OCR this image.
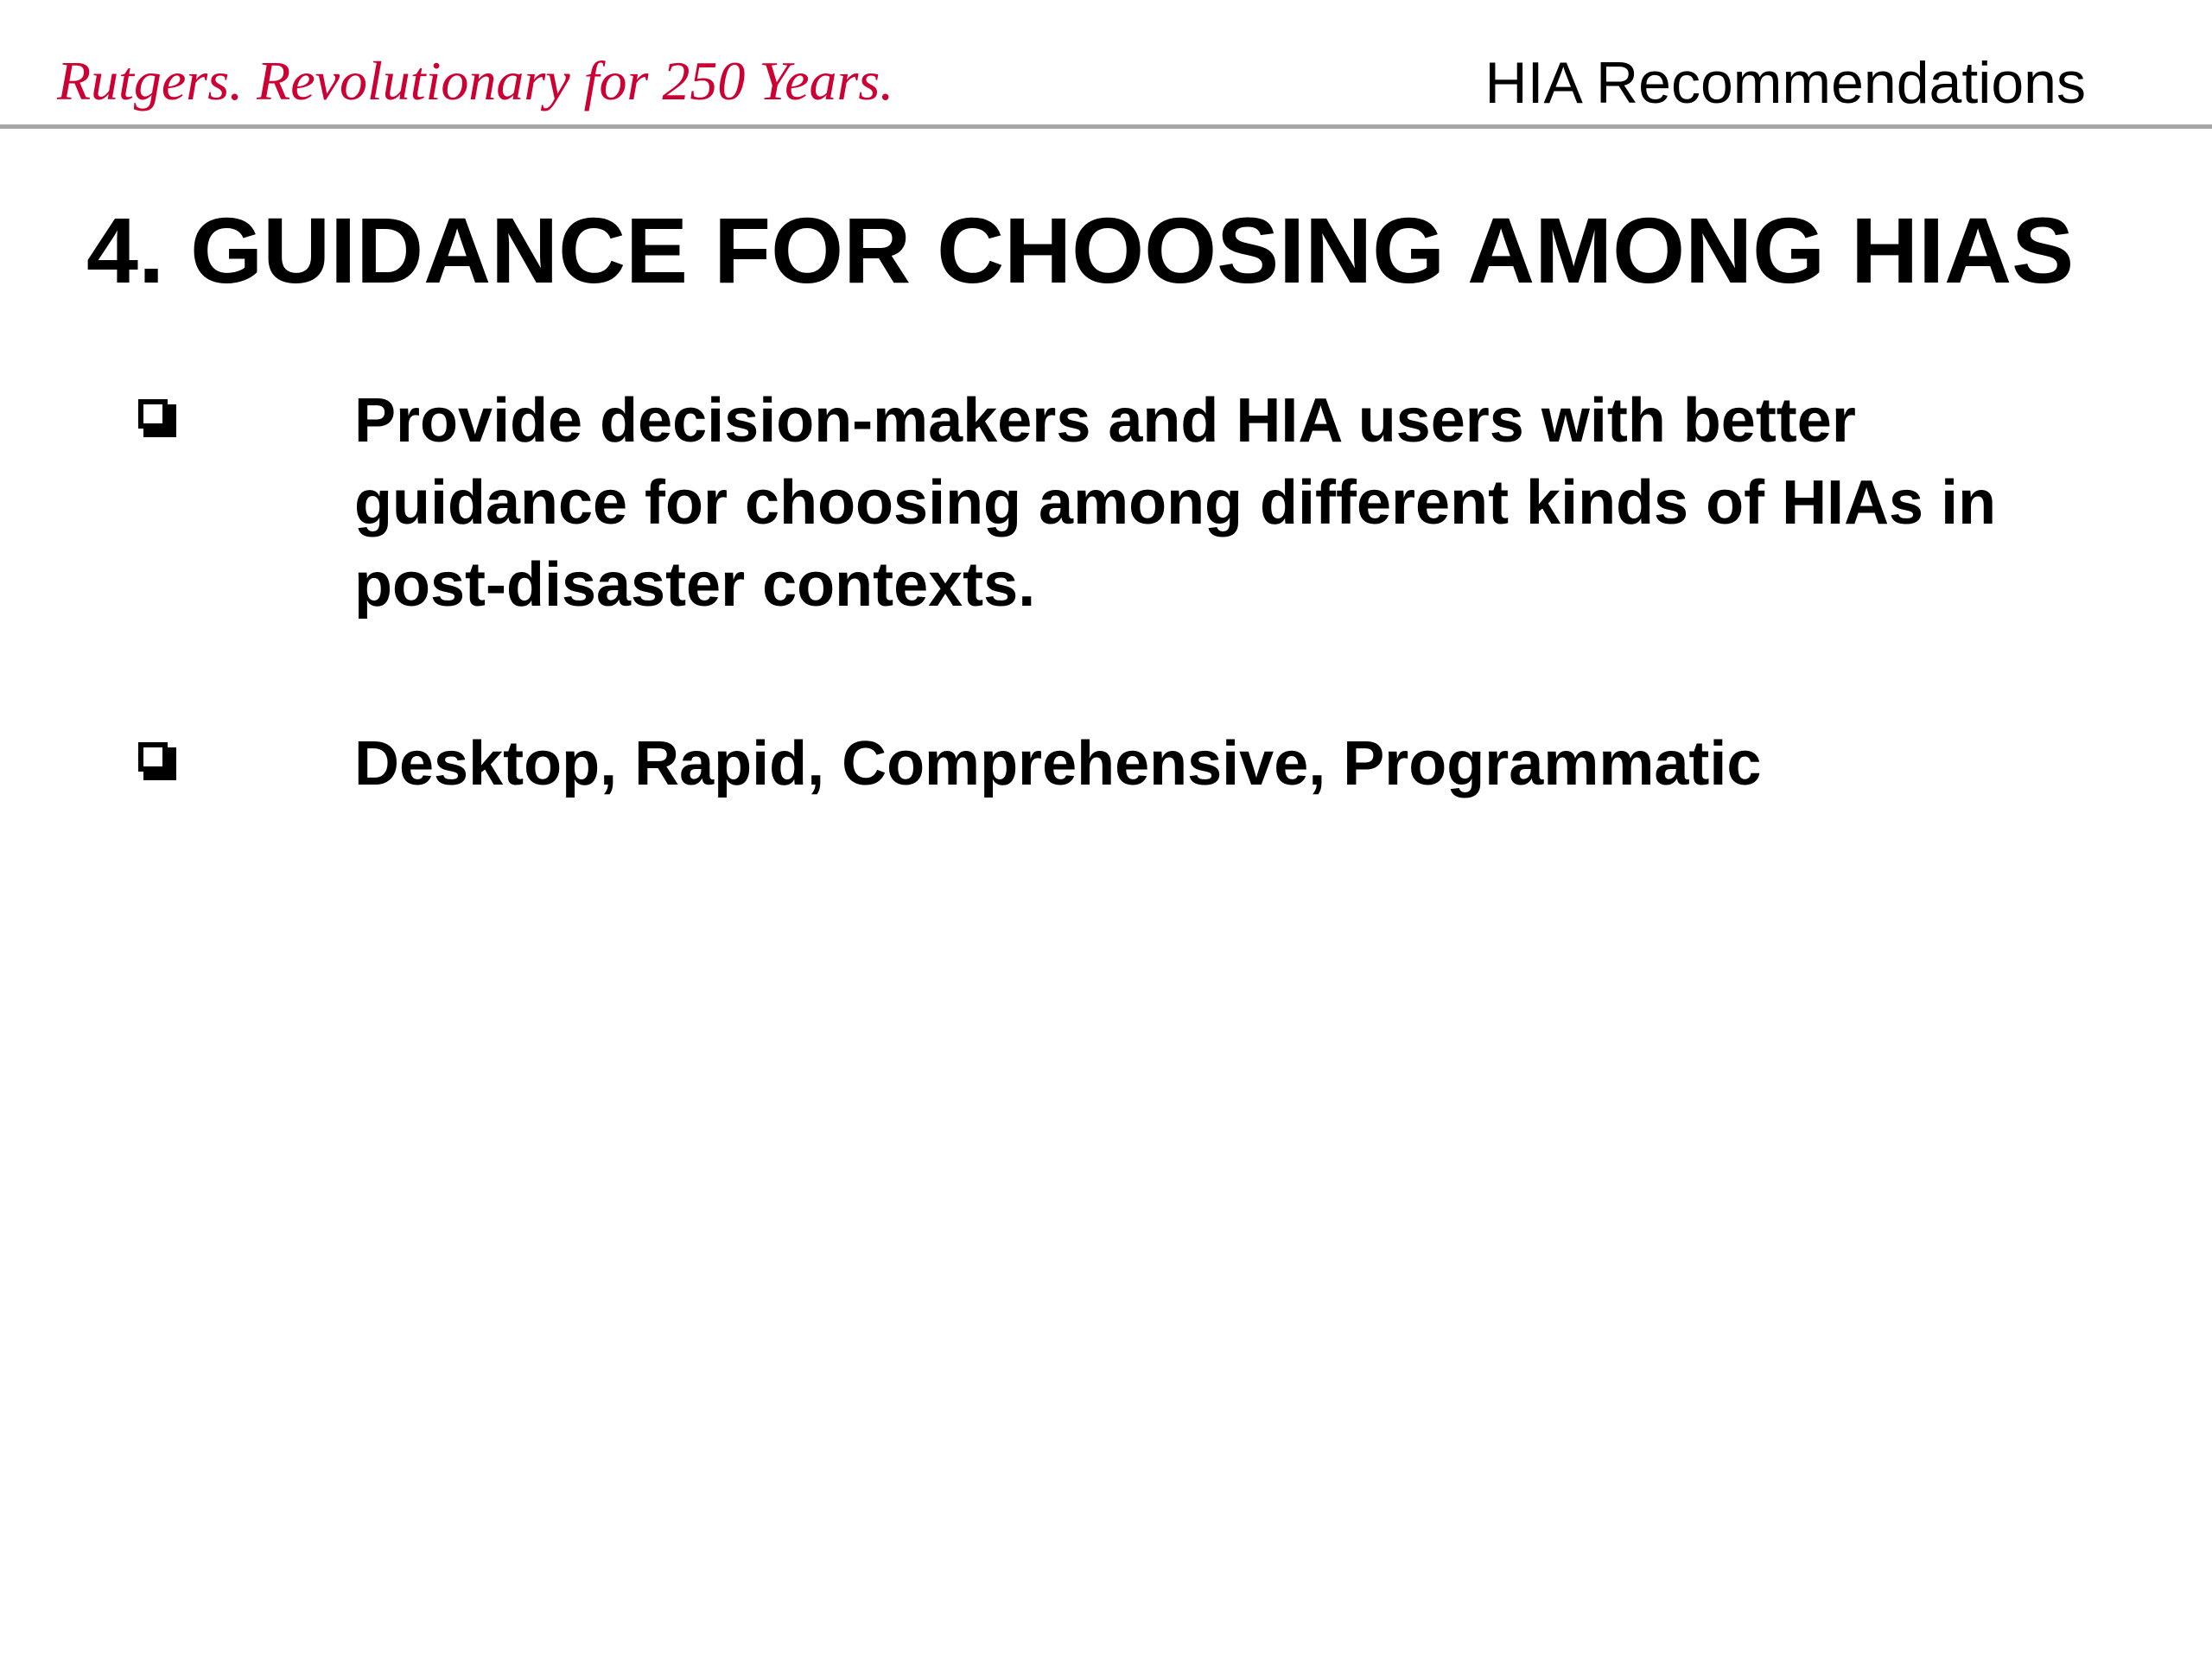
Rutgers. Revolutionary for 250 Years.	HIA Recommendations
4. GUIDANCE FOR CHOOSING AMONG HIAS
Provide decision-makers and HIA users with better guidance for choosing among different kinds of HIAs in post-disaster contexts.
Desktop, Rapid, Comprehensive, Programmatic
